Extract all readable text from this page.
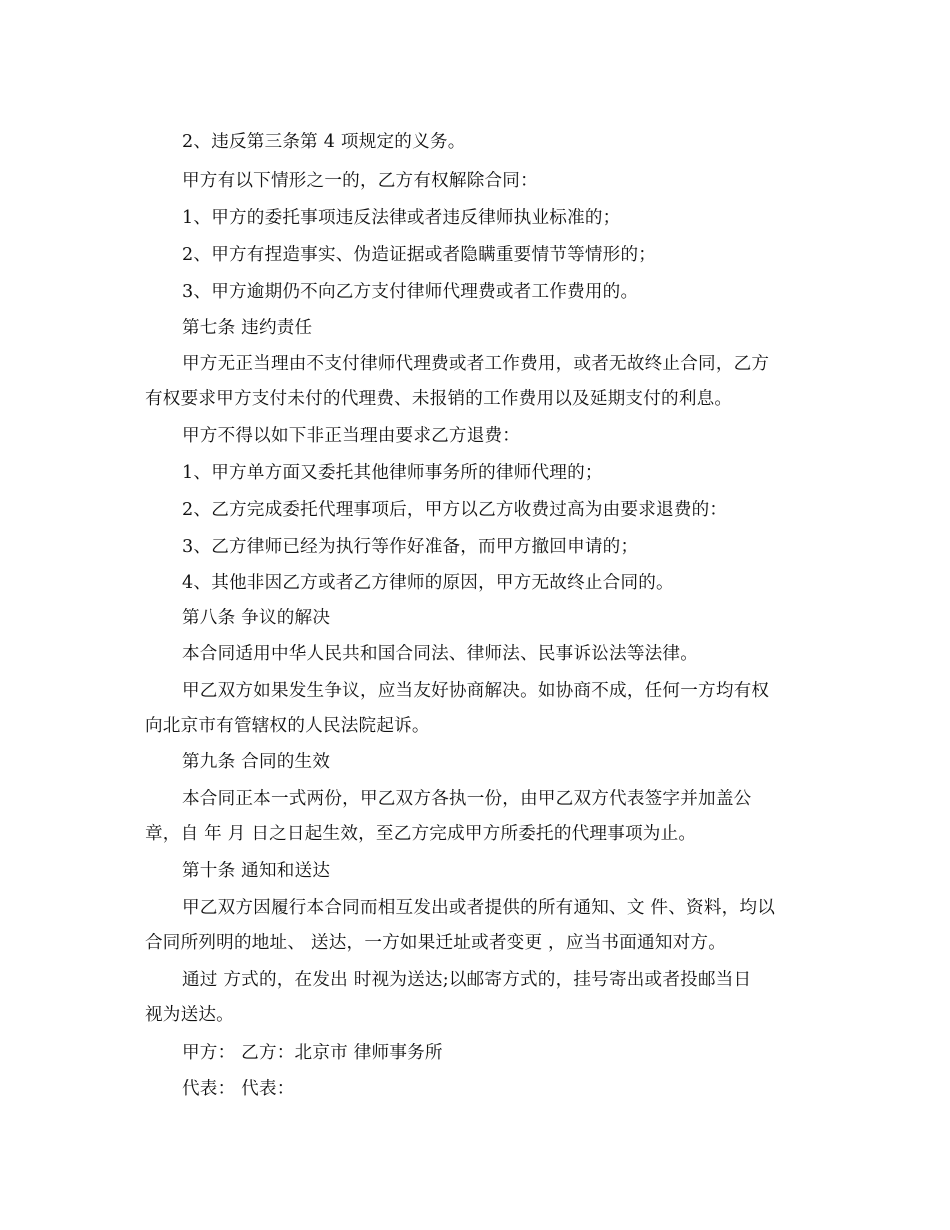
2、违反第三条第 4 项规定的义务。
甲方有以下情形之一的，乙方有权解除合同：
1、甲方的委托事项违反法律或者违反律师执业标准的；
2、甲方有捏造事实、伪造证据或者隐瞒重要情节等情形的；
3、甲方逾期仍不向乙方支付律师代理费或者工作费用的。
第七条 违约责任
甲方无正当理由不支付律师代理费或者工作费用，或者无故终止合同，乙方
有权要求甲方支付未付的代理费、未报销的工作费用以及延期支付的利息。
甲方不得以如下非正当理由要求乙方退费：
1、甲方单方面又委托其他律师事务所的律师代理的；
2、乙方完成委托代理事项后，甲方以乙方收费过高为由要求退费的：
3、乙方律师已经为执行等作好准备，而甲方撤回申请的；
4、其他非因乙方或者乙方律师的原因，甲方无故终止合同的。
第八条 争议的解决
本合同适用中华人民共和国合同法、律师法、民事诉讼法等法律。
甲乙双方如果发生争议，应当友好协商解决。如协商不成，任何一方均有权
向北京市有管辖权的人民法院起诉。
第九条 合同的生效
本合同正本一式两份，甲乙双方各执一份，由甲乙双方代表签字并加盖公
章，自 年 月 日之日起生效，至乙方完成甲方所委托的代理事项为止。
第十条 通知和送达
甲乙双方因履行本合同而相互发出或者提供的所有通知、文 件、资料，均以
合同所列明的地址、 送达，一方如果迁址或者变更 ，应当书面通知对方。
通过 方式的，在发出 时视为送达;以邮寄方式的，挂号寄出或者投邮当日
视为送达。
甲方： 乙方：北京市 律师事务所
代表： 代表：
